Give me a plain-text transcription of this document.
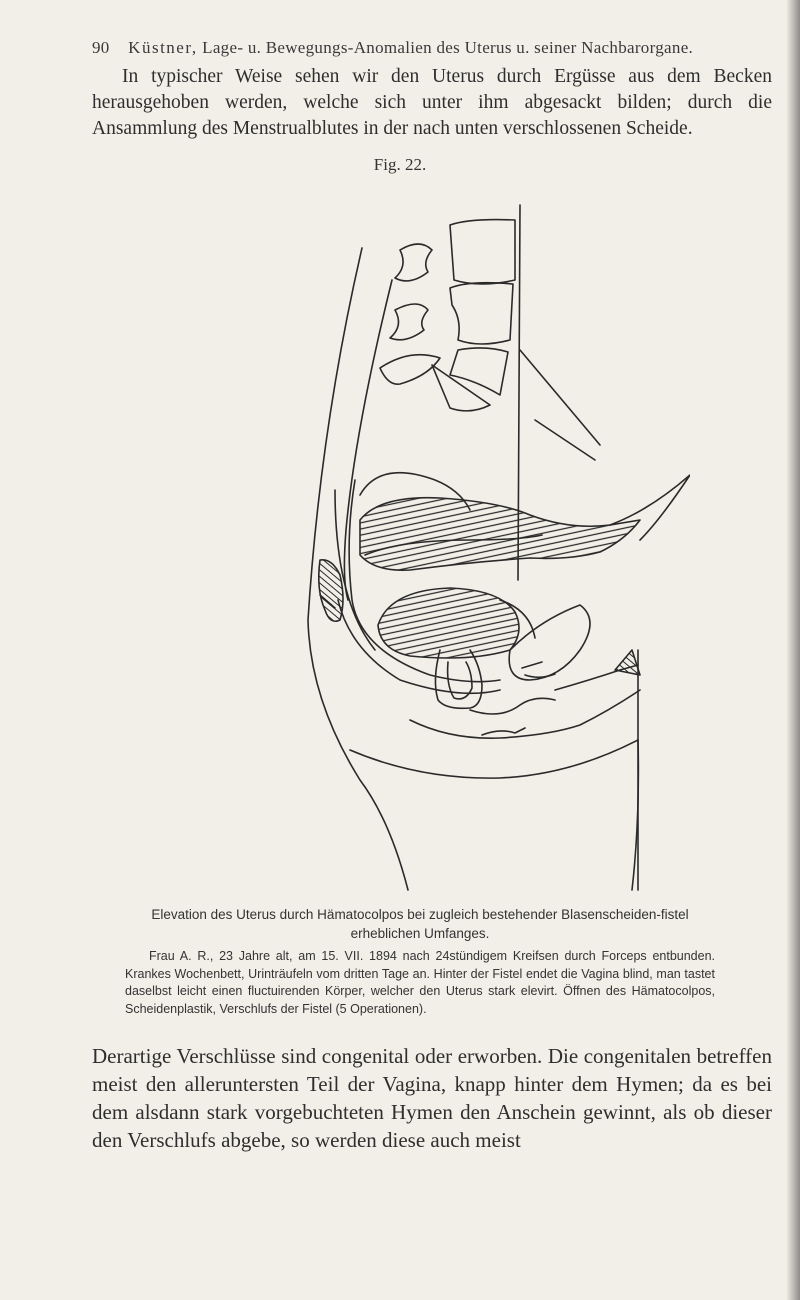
90 Küstner, Lage- u. Bewegungs-Anomalien des Uterus u. seiner Nachbarorgane.

In typischer Weise sehen wir den Uterus durch Ergüsse aus dem Becken herausgehoben werden, welche sich unter ihm abgesackt bilden; durch die Ansammlung des Menstrualblutes in der nach unten verschlossenen Scheide.

Fig. 22.

Elevation des Uterus durch Hämatocolpos bei zugleich bestehender Blasenscheiden-fistel erheblichen Umfanges.

Frau A. R., 23 Jahre alt, am 15. VII. 1894 nach 24stündigem Kreifsen durch Forceps entbunden. Krankes Wochenbett, Urinträufeln vom dritten Tage an. Hinter der Fistel endet die Vagina blind, man tastet daselbst leicht einen fluctuirenden Körper, welcher den Uterus stark elevirt. Öffnen des Hämatocolpos, Scheidenplastik, Verschlufs der Fistel (5 Operationen).

Derartige Verschlüsse sind congenital oder erworben. Die congenitalen betreffen meist den alleruntersten Teil der Vagina, knapp hinter dem Hymen; da es bei dem alsdann stark vorgebuchteten Hymen den Anschein gewinnt, als ob dieser den Verschlufs abgebe, so werden diese auch meist
